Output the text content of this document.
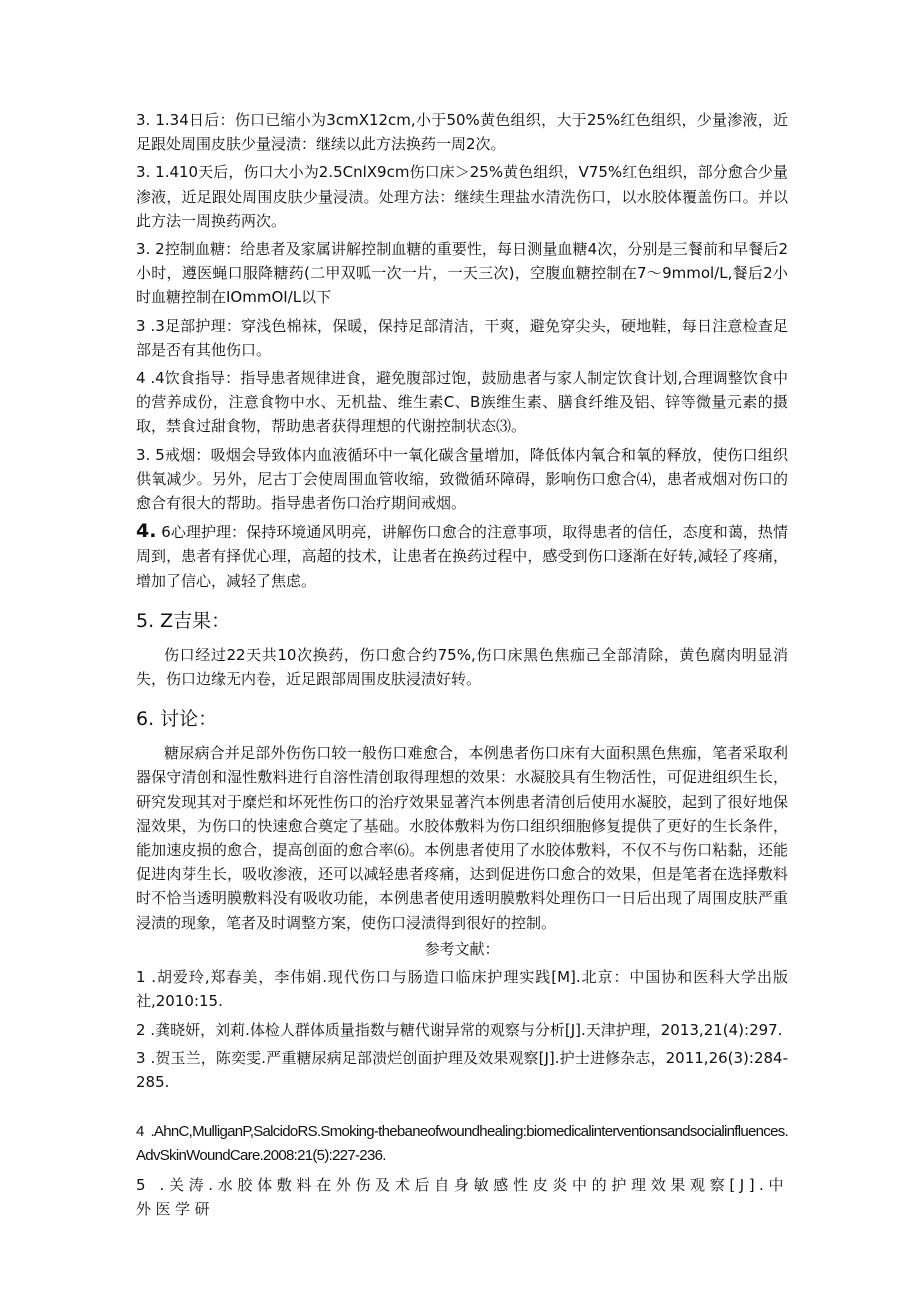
3. 1.34日后：伤口已缩小为3cmX12cm,小于50%黄色组织，大于25%红色组织，少量渗液，近足跟处周围皮肤少量浸渍：继续以此方法换药一周2次。

3. 1.410天后，伤口大小为2.5CnlX9cm伤口床＞25%黄色组织，V75%红色组织，部分愈合少量渗液，近足跟处周围皮肤少量浸渍。处理方法：继续生理盐水清洗伤口，以水胶体覆盖伤口。并以此方法一周换药两次。

3. 2控制血糖：给患者及家属讲解控制血糖的重要性，每日测量血糖4次，分别是三餐前和早餐后2小时，遵医蝇口服降糖药(二甲双呱一次一片，一天三次)，空腹血糖控制在7～9mmol/L,餐后2小时血糖控制在IOmmOI/L以下

3 .3足部护理：穿浅色棉袜，保暖，保持足部清洁，干爽，避免穿尖头，硬地鞋，每日注意检查足部是否有其他伤口。

4 .4饮食指导：指导患者规律进食，避免腹部过饱，鼓励患者与家人制定饮食计划,合理调整饮食中的营养成份，注意食物中水、无机盐、维生素C、B族维生素、膳食纤维及铝、锌等微量元素的摄取，禁食过甜食物，帮助患者获得理想的代谢控制状态⑶。

3. 5戒烟：吸烟会导致体内血液循环中一氧化碳含量增加，降低体内氧合和氧的释放，使伤口组织供氧减少。另外，尼古丁会使周围血管收缩，致微循环障碍，影响伤口愈合⑷，患者戒烟对伤口的愈合有很大的帮助。指导患者伤口治疗期间戒烟。

4. 6心理护理：保持环境通风明亮，讲解伤口愈合的注意事项，取得患者的信任，态度和蔼，热情周到，患者有择优心理，高超的技术，让患者在换药过程中，感受到伤口逐渐在好转,减轻了疼痛，增加了信心，减轻了焦虑。

5. Z吉果：

伤口经过22天共10次换药，伤口愈合约75%,伤口床黑色焦痂己全部清除，黄色腐肉明显消失，伤口边缘无内卷，近足跟部周围皮肤浸渍好转。

6. 讨论：

糖尿病合并足部外伤伤口较一般伤口难愈合，本例患者伤口床有大面积黑色焦痂，笔者采取利器保守清创和湿性敷料进行自溶性清创取得理想的效果：水凝胶具有生物活性，可促进组织生长，研究发现其对于糜烂和坏死性伤口的治疗效果显著汽本例患者清创后使用水凝胶，起到了很好地保湿效果，为伤口的快速愈合奠定了基础。水胶体敷料为伤口组织细胞修复提供了更好的生长条件，能加速皮损的愈合，提高创面的愈合率⑹。本例患者使用了水胶体敷料，不仅不与伤口粘黏，还能促进肉芽生长，吸收渗液，还可以减轻患者疼痛，达到促进伤口愈合的效果，但是笔者在选择敷料时不恰当透明膜敷料没有吸收功能，本例患者使用透明膜敷料处理伤口一日后出现了周围皮肤严重浸渍的现象，笔者及时调整方案，使伤口浸渍得到很好的控制。

参考文献：

1 .胡爱玲,郑春美，李伟娟.现代伤口与肠造口临床护理实践[M].北京：中国协和医科大学出版社,2010:15.

2 .龚晓妍，刘莉.体检人群体质量指数与糖代谢异常的观察与分析[J].天津护理，2013,21(4):297.

3 .贺玉兰，陈奕雯.严重糖尿病足部溃烂创面护理及效果观察[J].护士进修杂志，2011,26(3):284-285.

4 .AhnC,MulliganP,SalcidoRS.Smoking-thebaneofwoundhealing:biomedicalinterventionsandsocialinfluences.AdvSkinWoundCare.2008:21(5):227-236.

5 .关涛.水胶体敷料在外伤及术后自身敏感性皮炎中的护理效果观察[J].中外医学研
